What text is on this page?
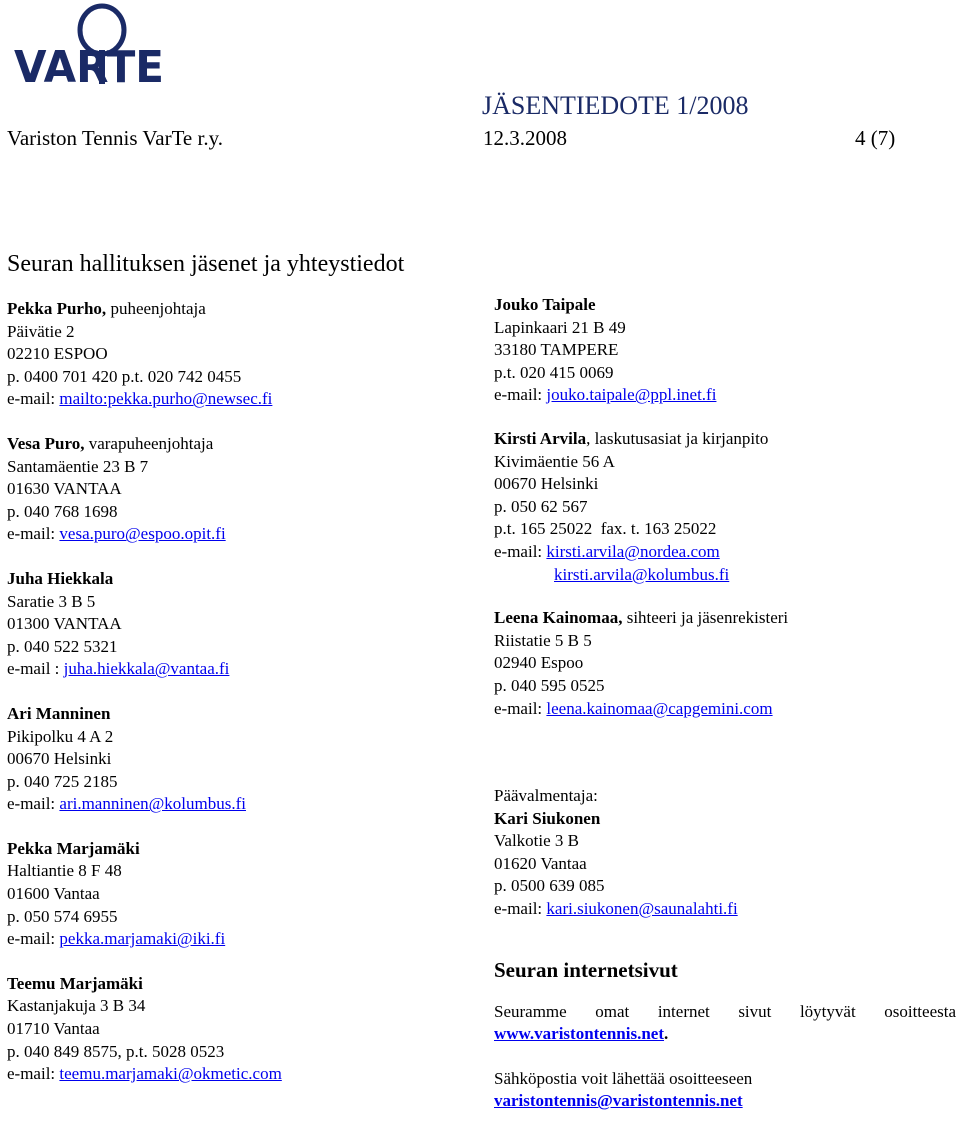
VARTE
JÄSENTIEDOTE 1/2008
Variston Tennis VarTe r.y.	12.3.2008	4 (7)
Seuran hallituksen jäsenet ja yhteystiedot
Pekka Purho, puheenjohtaja
Päivätie 2
02210 ESPOO
p. 0400 701 420 p.t. 020 742 0455
e-mail: mailto:pekka.purho@newsec.fi
Vesa Puro, varapuheenjohtaja
Santamäentie 23 B 7
01630 VANTAA
p. 040 768 1698
e-mail: vesa.puro@espoo.opit.fi
Juha Hiekkala
Saratie 3 B 5
01300 VANTAA
p. 040 522 5321
e-mail : juha.hiekkala@vantaa.fi
Ari Manninen
Pikipolku 4 A 2
00670 Helsinki
p. 040 725 2185
e-mail: ari.manninen@kolumbus.fi
Pekka Marjamäki
Haltiantie 8 F 48
01600 Vantaa
p. 050 574 6955
e-mail: pekka.marjamaki@iki.fi
Teemu Marjamäki
Kastanjakuja 3 B 34
01710 Vantaa
p. 040 849 8575, p.t. 5028 0523
e-mail: teemu.marjamaki@okmetic.com
Jouko Taipale
Lapinkaari 21 B 49
33180 TAMPERE
p.t. 020 415 0069
e-mail: jouko.taipale@ppl.inet.fi
Kirsti Arvila, laskutusasiat ja kirjanpito
Kivimäentie 56 A
00670 Helsinki
p. 050 62 567
p.t. 165 25022  fax. t. 163 25022
e-mail: kirsti.arvila@nordea.com
kirsti.arvila@kolumbus.fi
Leena Kainomaa, sihteeri ja jäsenrekisteri
Riistatie 5 B 5
02940 Espoo
p. 040 595 0525
e-mail: leena.kainomaa@capgemini.com
Päävalmentaja:
Kari Siukonen
Valkotie 3 B
01620 Vantaa
p. 0500 639 085
e-mail: kari.siukonen@saunalahti.fi
Seuran internetsivut
Seuramme omat internet sivut löytyvät osoitteesta
www.varistontennis.net.
Sähköpostia voit lähettää osoitteeseen
varistontennis@varistontennis.net
